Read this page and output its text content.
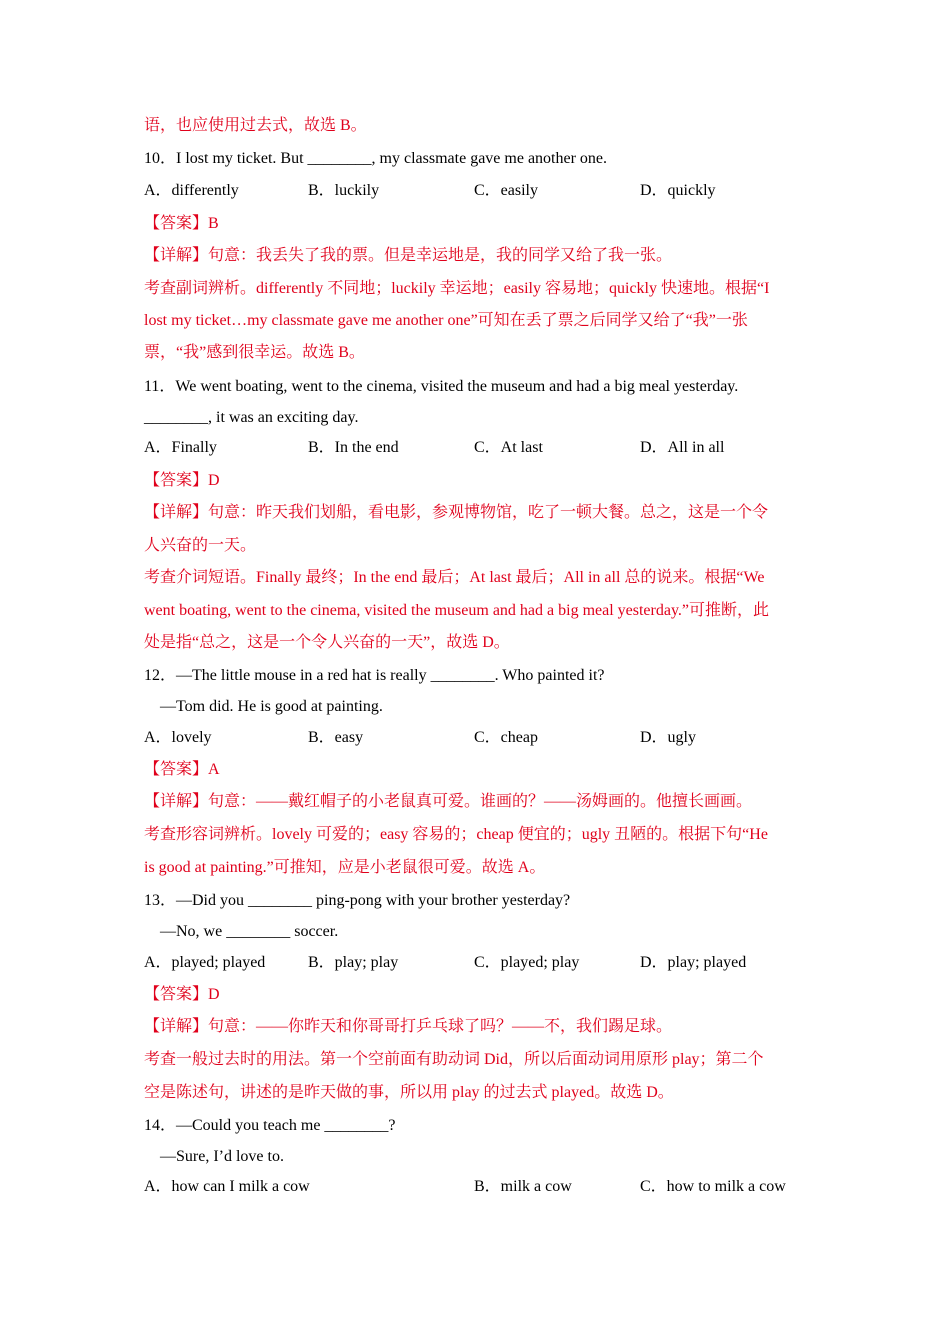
语，也应使用过去式，故选 B。
10．I lost my ticket. But ________, my classmate gave me another one.
A．differently	B．luckily	C．easily	D．quickly
【答案】B
【详解】句意：我丢失了我的票。但是幸运地是，我的同学又给了我一张。
考查副词辨析。differently 不同地；luckily 幸运地；easily 容易地；quickly 快速地。根据“I
lost my ticket…my classmate gave me another one”可知在丢了票之后同学又给了“我”一张
票，“我”感到很幸运。故选 B。
11．We went boating, went to the cinema, visited the museum and had a big meal yesterday.
________, it was an exciting day.
A．Finally	B．In the end	C．At last	D．All in all
【答案】D
【详解】句意：昨天我们划船，看电影，参观博物馆，吃了一顿大餐。总之，这是一个令
人兴奋的一天。
考查介词短语。Finally 最终；In the end 最后；At last 最后；All in all 总的说来。根据“We
went boating, went to the cinema, visited the museum and had a big meal yesterday.”可推断，此
处是指“总之，这是一个令人兴奋的一天”，故选 D。
12．—The little mouse in a red hat is really ________. Who painted it?
—Tom did. He is good at painting.
A．lovely	B．easy	C．cheap	D．ugly
【答案】A
【详解】句意：——戴红帽子的小老鼠真可爱。谁画的？——汤姆画的。他擅长画画。
考查形容词辨析。lovely 可爱的；easy 容易的；cheap 便宜的；ugly 丑陋的。根据下句“He
is good at painting.”可推知，应是小老鼠很可爱。故选 A。
13．—Did you ________ ping-pong with your brother yesterday?
—No, we ________ soccer.
A．played; played	B．play; play	C．played; play	D．play; played
【答案】D
【详解】句意：——你昨天和你哥哥打乒乓球了吗？——不，我们踢足球。
考查一般过去时的用法。第一个空前面有助动词 Did，所以后面动词用原形 play；第二个
空是陈述句，讲述的是昨天做的事，所以用 play 的过去式 played。故选 D。
14．—Could you teach me ________?
—Sure, I’d love to.
A．how can I milk a cow	B．milk a cow	C．how to milk a cow
